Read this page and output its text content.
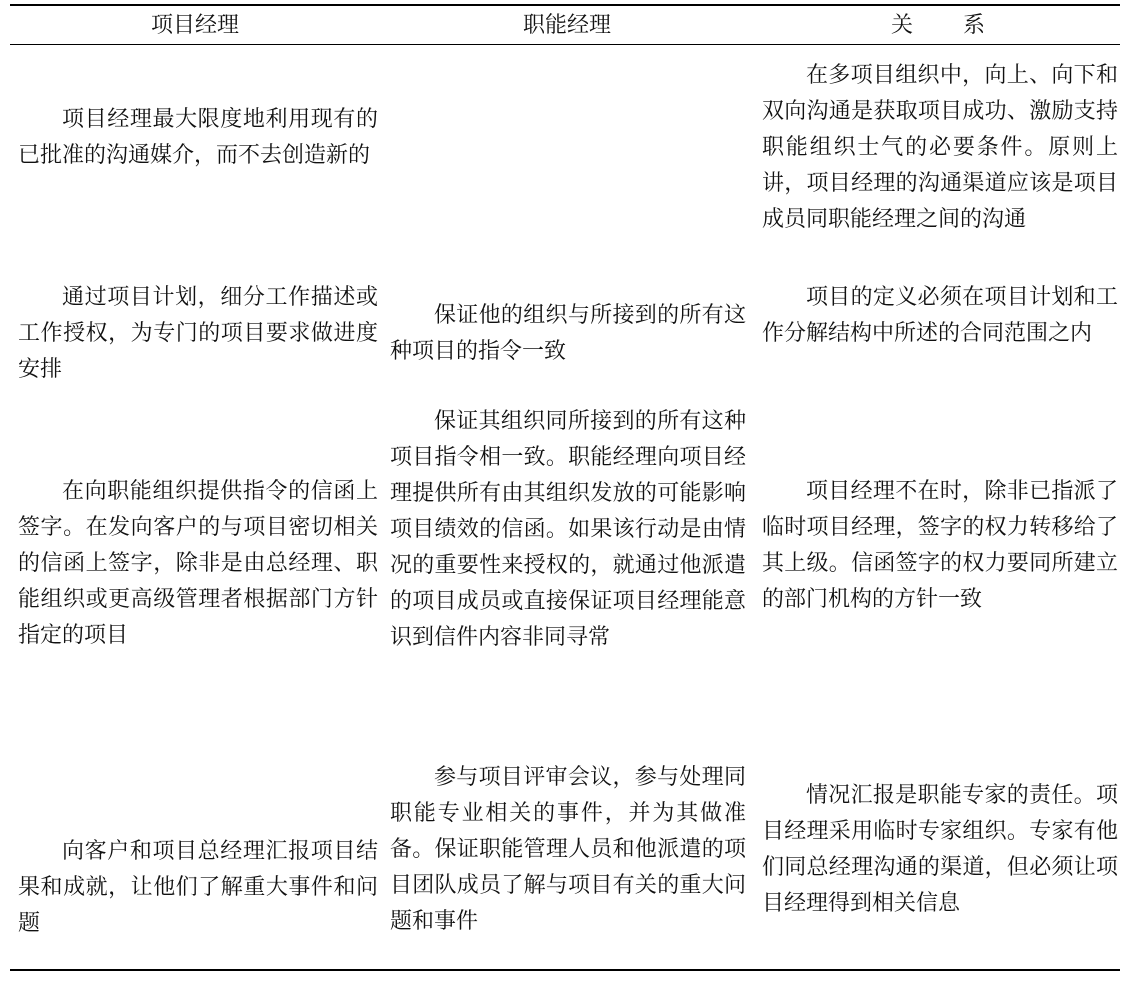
项目经理	职能经理	关　　系

项目经理最大限度地利用现有的已批准的沟通媒介，而不去创造新的

在多项目组织中，向上、向下和双向沟通是获取项目成功、激励支持职能组织士气的必要条件。原则上讲，项目经理的沟通渠道应该是项目成员同职能经理之间的沟通

通过项目计划，细分工作描述或工作授权，为专门的项目要求做进度安排

保证他的组织与所接到的所有这种项目的指令一致

项目的定义必须在项目计划和工作分解结构中所述的合同范围之内

在向职能组织提供指令的信函上签字。在发向客户的与项目密切相关的信函上签字，除非是由总经理、职能组织或更高级管理者根据部门方针指定的项目

保证其组织同所接到的所有这种项目指令相一致。职能经理向项目经理提供所有由其组织发放的可能影响项目绩效的信函。如果该行动是由情况的重要性来授权的，就通过他派遣的项目成员或直接保证项目经理能意识到信件内容非同寻常

项目经理不在时，除非已指派了临时项目经理，签字的权力转移给了其上级。信函签字的权力要同所建立的部门机构的方针一致

向客户和项目总经理汇报项目结果和成就，让他们了解重大事件和问题

参与项目评审会议，参与处理同职能专业相关的事件，并为其做准备。保证职能管理人员和他派遣的项目团队成员了解与项目有关的重大问题和事件

情况汇报是职能专家的责任。项目经理采用临时专家组织。专家有他们同总经理沟通的渠道，但必须让项目经理得到相关信息
